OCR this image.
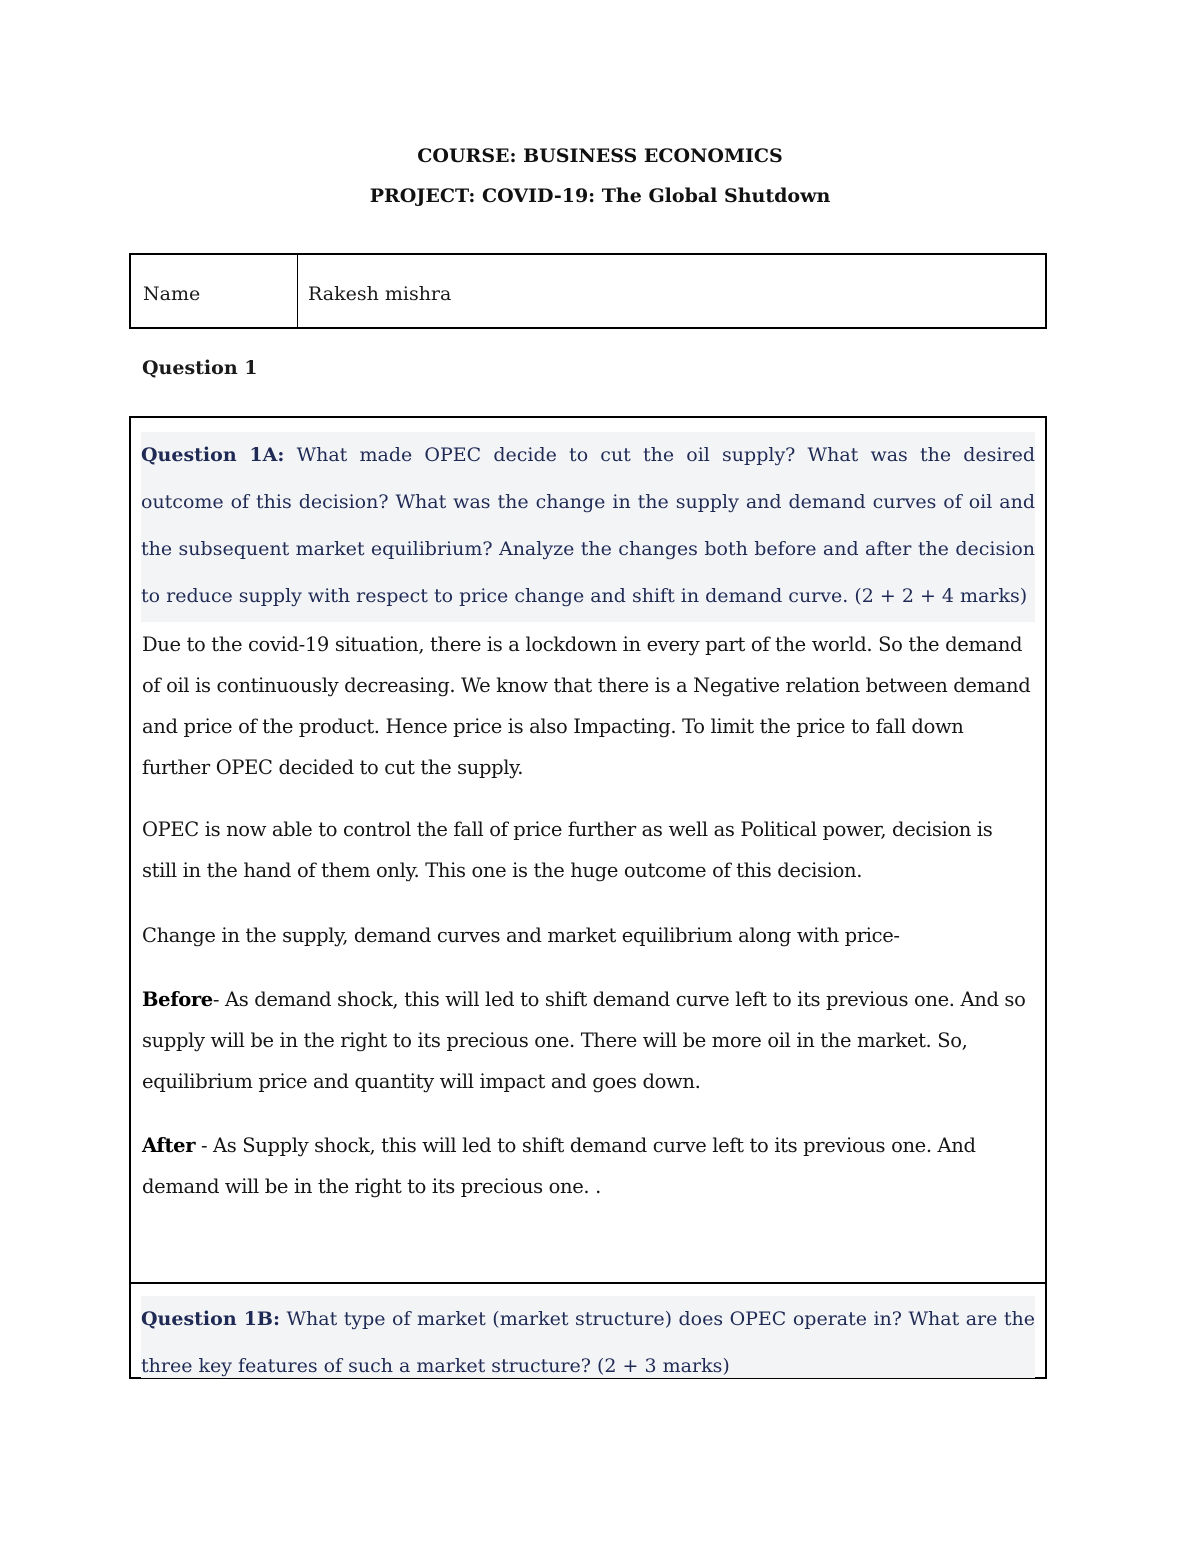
COURSE: BUSINESS ECONOMICS
PROJECT: COVID-19: The Global Shutdown
Name	Rakesh mishra
Question 1
Question 1A: What made OPEC decide to cut the oil supply? What was the desired outcome of this decision? What was the change in the supply and demand curves of oil and the subsequent market equilibrium? Analyze the changes both before and after the decision to reduce supply with respect to price change and shift in demand curve. (2 + 2 + 4 marks)

Due to the covid-19 situation, there is a lockdown in every part of the world. So the demand of oil is continuously decreasing. We know that there is a Negative relation between demand and price of the product. Hence price is also Impacting. To limit the price to fall down further OPEC decided to cut the supply.

OPEC is now able to control the fall of price further as well as Political power, decision is still in the hand of them only. This one is the huge outcome of this decision.

Change in the supply, demand curves and market equilibrium along with price-

Before- As demand shock, this will led to shift demand curve left to its previous one. And so supply will be in the right to its precious one. There will be more oil in the market. So, equilibrium price and quantity will impact and goes down.

After - As Supply shock, this will led to shift demand curve left to its previous one. And demand will be in the right to its precious one. .

Question 1B: What type of market (market structure) does OPEC operate in? What are the three key features of such a market structure? (2 + 3 marks)
